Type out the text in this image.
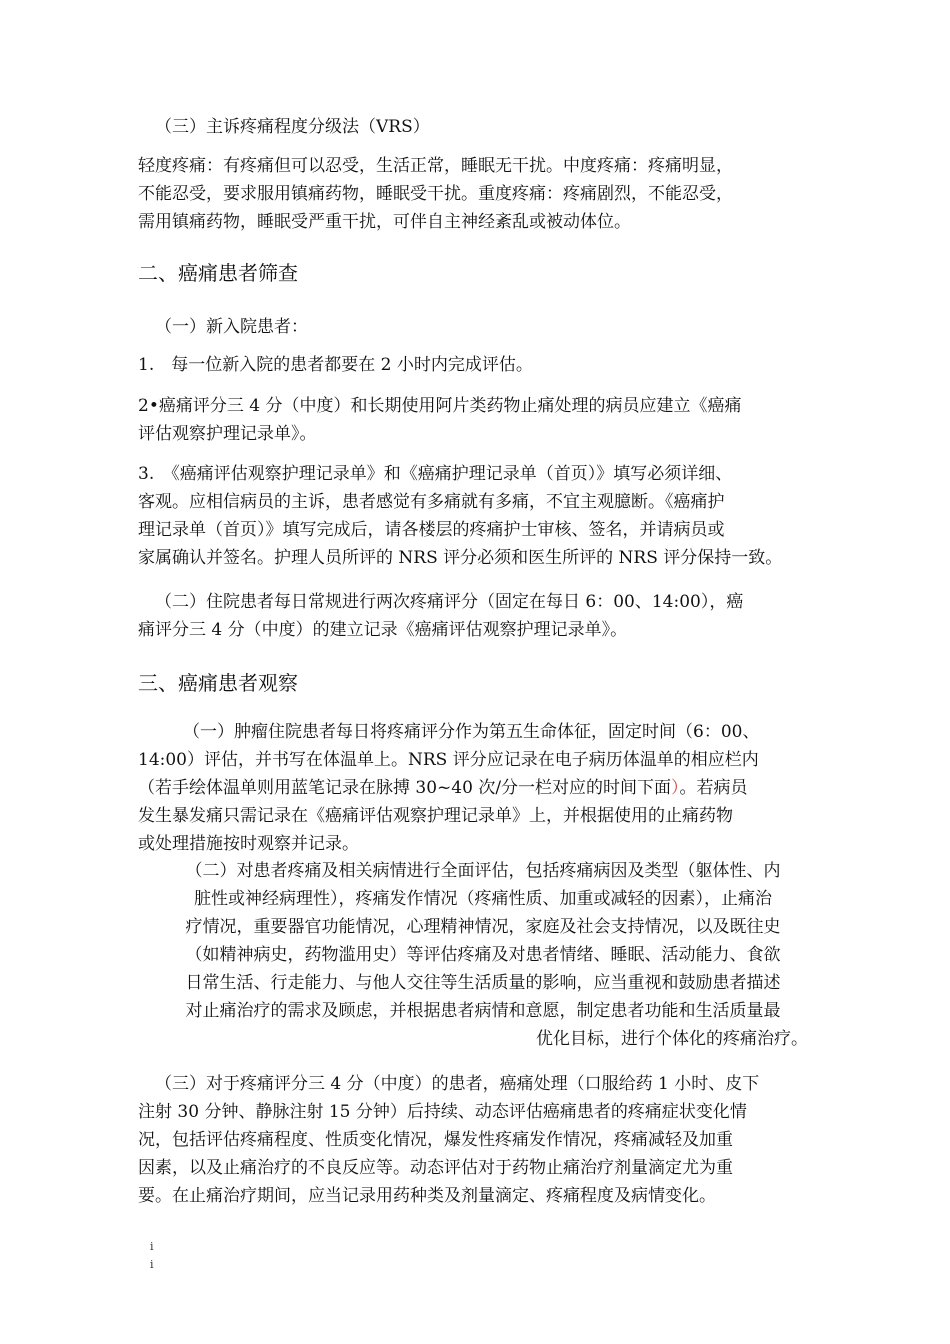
（三）主诉疼痛程度分级法（VRS）
轻度疼痛：有疼痛但可以忍受，生活正常，睡眠无干扰。中度疼痛：疼痛明显，
不能忍受，要求服用镇痛药物，睡眠受干扰。重度疼痛：疼痛剧烈，不能忍受，
需用镇痛药物，睡眠受严重干扰，可伴自主神经紊乱或被动体位。
二、癌痛患者筛查
（一）新入院患者：
1.　每一位新入院的患者都要在 2 小时内完成评估。
2•癌痛评分三 4 分（中度）和长期使用阿片类药物止痛处理的病员应建立《癌痛
评估观察护理记录单》。
3.　《癌痛评估观察护理记录单》和《癌痛护理记录单（首页）》填写必须详细、
客观。应相信病员的主诉，患者感觉有多痛就有多痛，不宜主观臆断。《癌痛护
理记录单（首页）》填写完成后，请各楼层的疼痛护士审核、签名，并请病员或
家属确认并签名。护理人员所评的 NRS 评分必须和医生所评的 NRS 评分保持一致。
（二）住院患者每日常规进行两次疼痛评分（固定在每日 6：00、14:00），癌
痛评分三 4 分（中度）的建立记录《癌痛评估观察护理记录单》。
三、癌痛患者观察
（一）肿瘤住院患者每日将疼痛评分作为第五生命体征，固定时间（6：00、
14:00）评估，并书写在体温单上。NRS 评分应记录在电子病历体温单的相应栏内
（若手绘体温单则用蓝笔记录在脉搏 30~40 次/分一栏对应的时间下面）。若病员
发生暴发痛只需记录在《癌痛评估观察护理记录单》上，并根据使用的止痛药物
或处理措施按时观察并记录。
（二）对患者疼痛及相关病情进行全面评估，包括疼痛病因及类型（躯体性、内
脏性或神经病理性），疼痛发作情况（疼痛性质、加重或减轻的因素），止痛治
疗情况，重要器官功能情况，心理精神情况，家庭及社会支持情况，以及既往史
（如精神病史，药物滥用史）等评估疼痛及对患者情绪、睡眠、活动能力、食欲
日常生活、行走能力、与他人交往等生活质量的影响，应当重视和鼓励患者描述
对止痛治疗的需求及顾虑，并根据患者病情和意愿，制定患者功能和生活质量最
优化目标，进行个体化的疼痛治疗。
（三）对于疼痛评分三 4 分（中度）的患者，癌痛处理（口服给药 1 小时、皮下
注射 30 分钟、静脉注射 15 分钟）后持续、动态评估癌痛患者的疼痛症状变化情
况，包括评估疼痛程度、性质变化情况，爆发性疼痛发作情况，疼痛减轻及加重
因素，以及止痛治疗的不良反应等。动态评估对于药物止痛治疗剂量滴定尤为重
要。在止痛治疗期间，应当记录用药种类及剂量滴定、疼痛程度及病情变化。
i
i
